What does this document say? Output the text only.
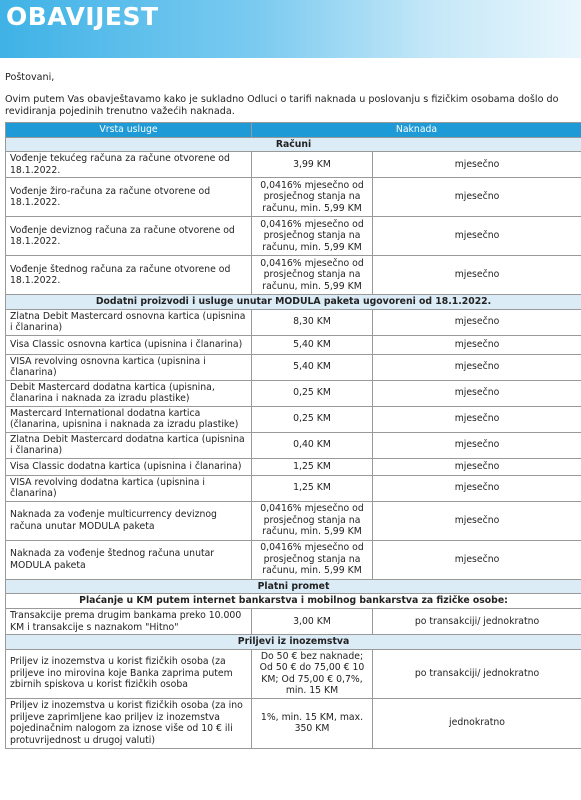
OBAVIJEST
Poštovani,
Ovim putem Vas obavještavamo kako je sukladno Odluci o tarifi naknada u poslovanju s fizičkim osobama došlo do revidiranja pojedinih trenutno važećih naknada.
Vrsta usluge	Naknada	
Računi		
Vođenje tekućeg računa za račune otvorene od 18.1.2022.	3,99 KM	mjesečno
Vođenje žiro-računa za račune otvorene od 18.1.2022.	0,0416% mjesečno od prosječnog stanja na računu, min. 5,99 KM	mjesečno
Vođenje deviznog računa za račune otvorene od 18.1.2022.	0,0416% mjesečno od prosječnog stanja na računu, min. 5,99 KM	mjesečno
Vođenje štednog računa za račune otvorene od 18.1.2022.	0,0416% mjesečno od prosječnog stanja na računu, min. 5,99 KM	mjesečno
Dodatni proizvodi i usluge unutar MODULA paketa ugovoreni od 18.1.2022.		
Zlatna Debit Mastercard osnovna kartica (upisnina i članarina)	8,30 KM	mjesečno
Visa Classic osnovna kartica (upisnina i članarina)	5,40 KM	mjesečno
VISA revolving osnovna kartica (upisnina i članarina)	5,40 KM	mjesečno
Debit Mastercard dodatna kartica (upisnina, članarina i naknada za izradu plastike)	0,25 KM	mjesečno
Mastercard International dodatna kartica (članarina, upisnina i naknada za izradu plastike)	0,25 KM	mjesečno
Zlatna Debit Mastercard dodatna kartica (upisnina i članarina)	0,40 KM	mjesečno
Visa Classic dodatna kartica (upisnina i članarina)	1,25 KM	mjesečno
VISA revolving dodatna kartica (upisnina i članarina)	1,25 KM	mjesečno
Naknada za vođenje multicurrency deviznog računa unutar MODULA paketa	0,0416% mjesečno od prosječnog stanja na računu, min. 5,99 KM	mjesečno
Naknada za vođenje štednog računa unutar MODULA paketa	0,0416% mjesečno od prosječnog stanja na računu, min. 5,99 KM	mjesečno
Platni promet		
Plaćanje u KM putem internet bankarstva i mobilnog bankarstva za fizičke osobe:		
Transakcije prema drugim bankama preko 10.000 KM i transakcije s naznakom "Hitno"	3,00 KM	po transakciji/ jednokratno
Priljevi iz inozemstva		
Priljev iz inozemstva u korist fizičkih osoba (za priljeve ino mirovina koje Banka zaprima putem zbirnih spiskova u korist fizičkih osoba	Do 50 € bez naknade; Od 50 € do 75,00 € 10 KM; Od 75,00 € 0,7%, min. 15 KM	po transakciji/ jednokratno
Priljev iz inozemstva u korist fizičkih osoba (za ino priljeve zaprimljene kao priljev iz inozemstva pojedinačnim nalogom za iznose više od 10 € ili protuvrijednost u drugoj valuti)	1%, min. 15 KM, max. 350 KM	jednokratno
